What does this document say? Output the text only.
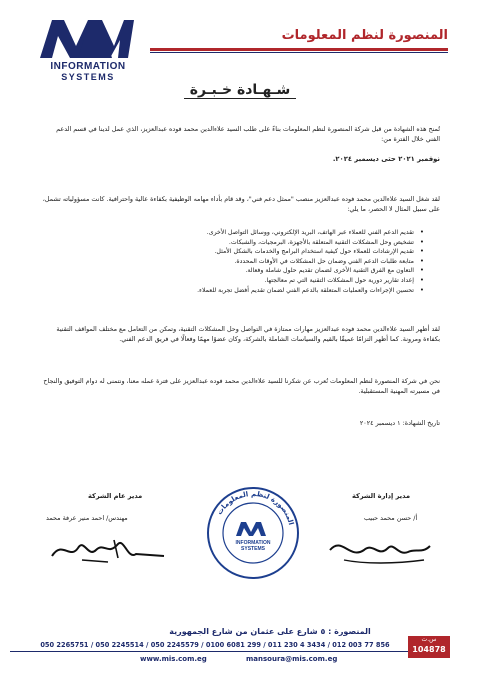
INFORMATION
SYSTEMS
المنصورة لنظم المعلومات
شـهـادة خـبـرة
تُمنح هذه الشهادة من قبل شركة المنصورة لنظم المعلومات بناءً على طلب السيد علاءالدين محمد فوده عبدالعزيز، الذي عمل لدينا في قسم الدعم الفني خلال الفترة من:
نوفمبر ٢٠٢١ حتى ديسمبر ٢٠٢٤.
لقد شغل السيد علاءالدين محمد فوده عبدالعزيز منصب "ممثل دعم فني"، وقد قام بأداء مهامه الوظيفية بكفاءة عالية واحترافية. كانت مسؤولياته تشمل، على سبيل المثال لا الحصر، ما يلي:
• تقديم الدعم الفني للعملاء عبر الهاتف، البريد الإلكتروني، ووسائل التواصل الأخرى.
• تشخيص وحل المشكلات التقنية المتعلقة بالأجهزة، البرمجيات، والشبكات.
• تقديم الإرشادات للعملاء حول كيفية استخدام البرامج والخدمات بالشكل الأمثل.
• متابعة طلبات الدعم الفني وضمان حل المشكلات في الأوقات المحددة.
• التعاون مع الفرق التقنية الأخرى لضمان تقديم حلول شاملة وفعالة.
• إعداد تقارير دورية حول المشكلات التقنية التي تم معالجتها.
• تحسين الإجراءات والعمليات المتعلقة بالدعم الفني لضمان تقديم أفضل تجربة للعملاء.
لقد أظهر السيد علاءالدين محمد فوده عبدالعزيز مهارات ممتازة في التواصل وحل المشكلات التقنية، وتمكن من التعامل مع مختلف المواقف التقنية بكفاءة ومرونة. كما أظهر التزامًا عميقًا بالقيم والسياسات الشاملة بالشركة، وكان عضوًا مهمًا وفعالًا في فريق الدعم الفني.
نحن في شركة المنصورة لنظم المعلومات نُعرب عن شكرنا للسيد علاءالدين محمد فوده عبدالعزيز على فترة عمله معنا، ونتمنى له دوام التوفيق والنجاح في مسيرته المهنية المستقبلية.
تاريخ الشهادة: ١ ديسمبر ٢٠٢٤
مدير عام الشركة
مهندس/ احمد منير عرفة محمد
مدير إدارة الشركة
أ/ حسن محمد حبيب
المنصورة لنظم المعلومات
INFORMATION
SYSTEMS
المنصورة : ٥ شارع على عثمان من شارع الجمهورية
050 2265751 / 050 2245514 / 050 2245579 / 0100 6081 299 / 011 230 4 3434 / 012 003 77 856
www.mis.com.eg	mansoura@mis.com.eg
س.ت
104878
